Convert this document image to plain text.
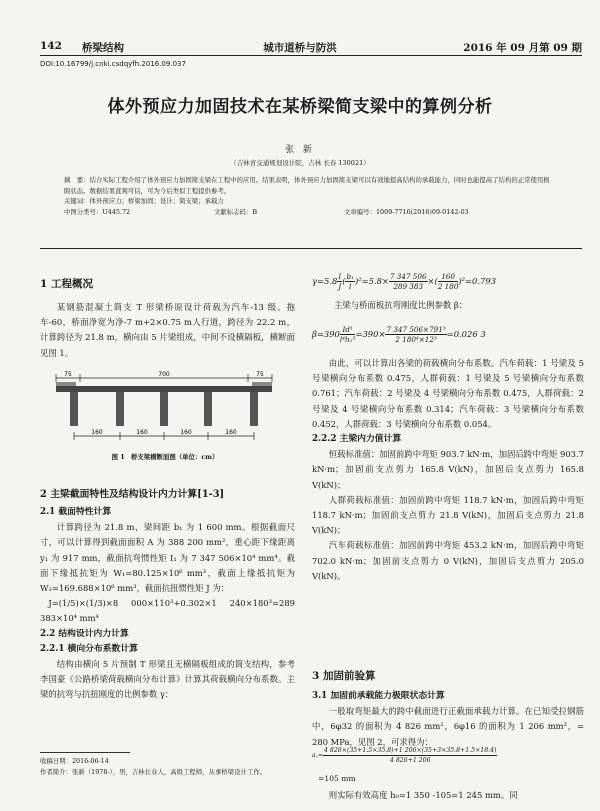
142 桥梁结构	城市道桥与防洪	2016 年 09 月第 09 期
DOI:10.16799/j.cnki.csdqyfh.2016.09.037
体外预应力加固技术在某桥梁简支梁中的算例分析
张 新
（吉林省交通规划设计院，吉林 长春 130021）
摘　要：结合实际工程介绍了体外预应力加固简支梁在工程中的应用。结果表明，体外预应力加固简支梁可以有效地提高结构的承载能力，同时也能提高了结构的正常使用极限状态。数据结果直观可信，可为今后类似工程提供参考。
关键词：体外预应力；桥梁加固；设计；简支梁；承载力
中图分类号：U445.72	文献标志码：B	文章编号：1009-7716(2016)09-0142-03
1 工程概况

某钢筋混凝土简支 T 形梁桥原设计荷载为汽车-13 级、拖车-60，桥面净宽为净-7 m+2×0.75 m人行道，跨径为 22.2 m，计算跨径为 21.8 m，横向由 5 片梁组成，中间不设横隔板，横断面见图 1。

75	700	75
160	160	160	160
图 1　桥支梁横断面图（单位：cm）
2 主梁截面特性及结构设计内力计算[1-3]
2.1 截面特性计算

计算跨径为 21.8 m，梁间距 b₁ 为 1 600 mm。根据截面尺寸，可以计算得到截面面积 A 为 388 200 mm²，重心距下缘距离 y₁ 为 917 mm，截面抗弯惯性矩 I₁ 为 7 347 506×10⁴ mm⁴。截面下缘抵抗矩为 W₁=80.125×10⁶ mm³，截面上缘抵抗矩为 W₂=169.688×10⁶ mm³，截面抗扭惯性矩 J 为：

J=(1/5)×(1/3)×8 000×110³+0.302×1 240×180³=289 383×10⁴ mm⁴
2.2 结构设计内力计算
2.2.1 横向分布系数计算

结构由横向 5 片预制 T 形梁且无横隔板组成的简支结构，参考李国豪《公路桥梁荷载横向分布计算》计算其荷载横向分布系数。主梁的抗弯与抗扭刚度的比例参数 γ：

收稿日期：2016-06-14
作者简介：张新（1978-），男，吉林长春人，高级工程师，从事桥梁设计工作。
$\gamma=5.8 \frac{I}{J}$ ( $\frac{\text{b₁}}{l} )^2=5.8\times \frac{7 347 506}{289 383}$ ×( $\frac{160}{2 180} )^2=0.793$
主梁与桥面板抗弯刚度比例参数 β：
$\beta=390 \frac{\text{Id¹}}{\text{l⁴h₁³}} =390\times \frac{\text{7 347 506×791³}}{\text{2 180⁴×12³}} =0.026$ 3

由此，可以计算出各梁的荷载横向分布系数。汽车荷载：1 号梁及 5 号梁横向分布系数 0.475，人群荷载：1 号梁及 5 号梁横向分布系数 0.761；汽车荷载：2 号梁及 4 号梁横向分布系数 0.475，人群荷载：2 号梁及 4 号梁横向分布系数 0.314；汽车荷载：3 号梁横向分布系数 0.452，人群荷载：3 号梁横向分布系数 0.054。

2.2.2 主梁内力值计算

恒载标准值：加固前跨中弯矩 903.7 kN·m，加固后跨中弯矩 903.7 kN·m；加固前支点剪力 165.8 V(kN)，加固后支点剪力 165.8 V(kN)；

人群荷载标准值：加固前跨中弯矩 118.7 kN·m，加固后跨中弯矩 118.7 kN·m；加固前支点剪力 21.8 V(kN)，加固后支点剪力 21.8 V(kN)；

汽车荷载标准值：加固前跨中弯矩 453.2 kN·m，加固后跨中弯矩 702.0 kN·m；加固前支点剪力 0 V(kN)，加固后支点剪力 205.0 V(kN)。

3 加固前验算
3.1 加固前承载能力极限状态计算

一般取弯矩最大的跨中截面进行正截面承载力计算。在已知受拉钢筋中，6φ32 的面积为 4 826 mm²，6φ16 的面积为 1 206 mm²，= 280 MPa，见图 2，可求得为：

a꜀= $\frac{4 826\times(35+1.5\times 35.8)+1 206\times(35+3\times 35.8+1.5\times 18.4)}{4 826+1 206}$
=105 mm

则实际有效高度 h₀=1 350 -105=1 245 mm。同
